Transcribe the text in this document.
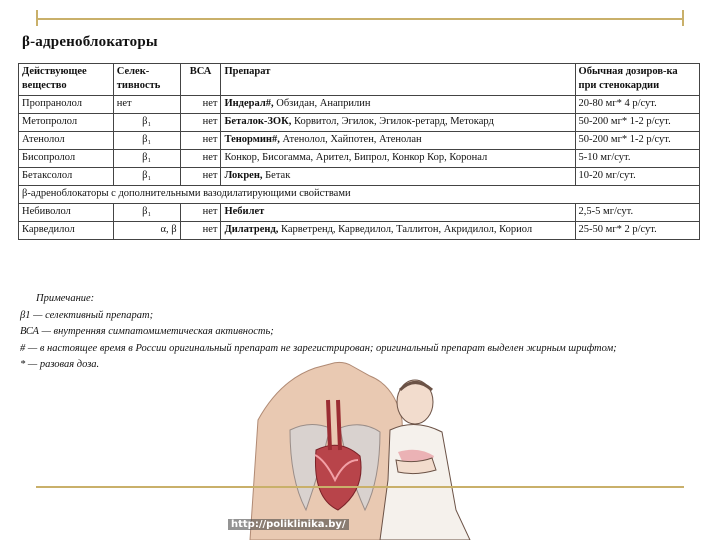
β-адреноблокаторы
Действующее вещество	Селек-тивность	ВСА	Препарат	Обычная дозиров-ка при стенокардии
Пропранолол	нет	нет	Индерал#, Обзидан, Анаприлин	20-80 мг* 4 р/сут.
Метопролол	β₁	нет	Беталок-ЗОК, Корвитол, Эгилок, Эгилок-ретард, Метокард	50-200 мг* 1-2 р/сут.
Атенолол	β₁	нет	Тенормин#, Атенолол, Хайпотен, Атенолан	50-200 мг* 1-2 р/сут.
Бисопролол	β₁	нет	Конкор, Бисогамма, Арител, Бипрол, Конкор Кор, Коронал	5-10 мг/сут.
Бетаксолол	β₁	нет	Локрен, Бетак	10-20 мг/сут.
β-адреноблокаторы с дополнительными вазодилатирующими свойствами				
Небиволол	β₁	нет	Небилет	2,5-5 мг/сут.
Карведилол	α, β	нет	Дилатренд, Карветренд, Карведилол, Таллитон, Акридилол, Кориол	25-50 мг* 2 р/сут.

Примечание:

β1 — селективный препарат;

ВСА — внутренняя симпатомиметическая активность;

# — в настоящее время в России оригинальный препарат не зарегистрирован; оригинальный препарат выделен жирным шрифтом;

* — разовая доза.

http://poliklinika.by/
